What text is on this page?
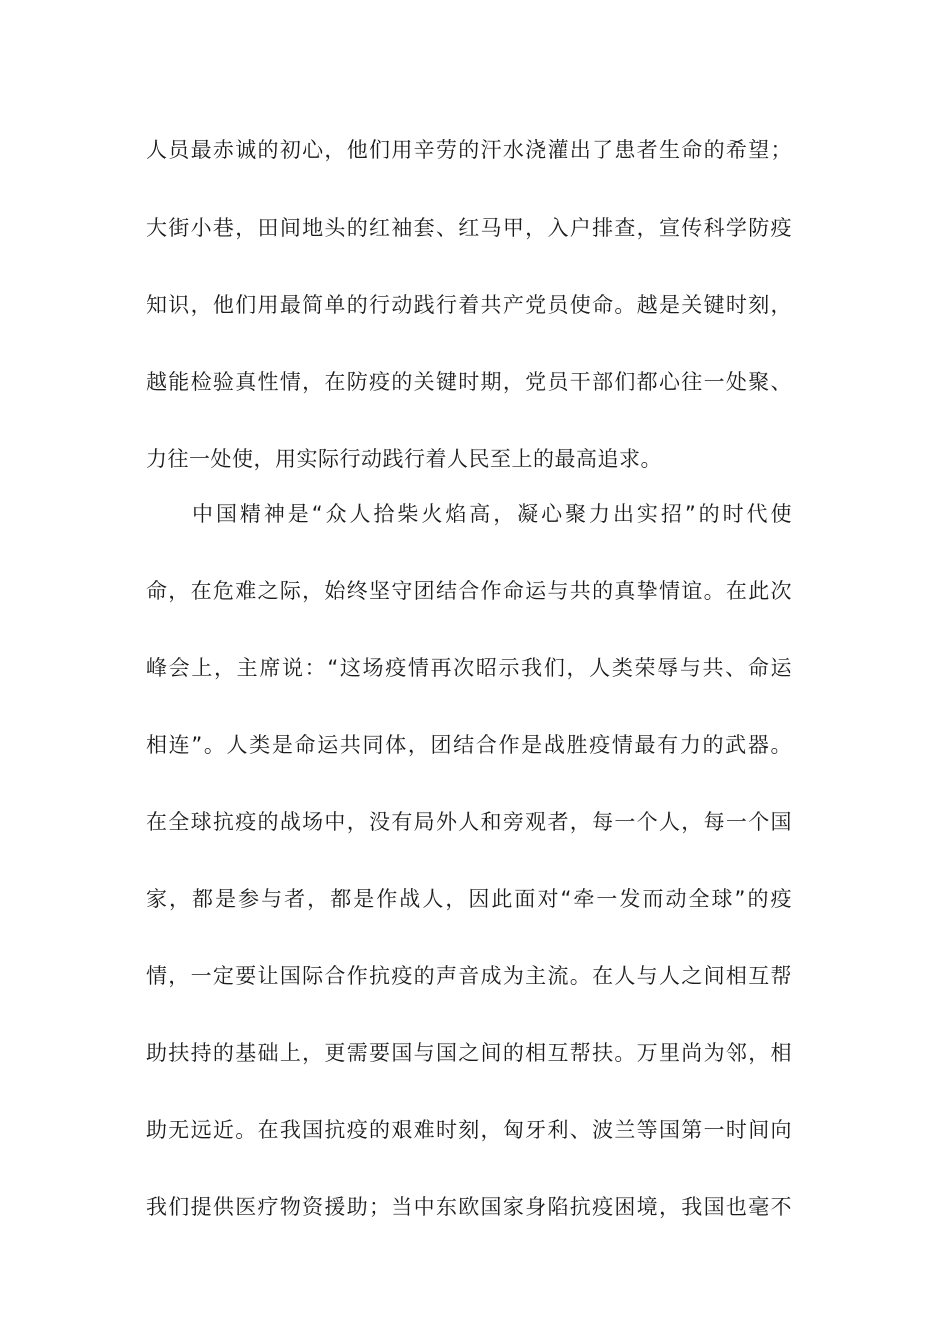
人员最赤诚的初心，他们用辛劳的汗水浇灌出了患者生命的希望；
大街小巷，田间地头的红袖套、红马甲，入户排查，宣传科学防疫
知识，他们用最简单的行动践行着共产党员使命。越是关键时刻，
越能检验真性情，在防疫的关键时期，党员干部们都心往一处聚、
力往一处使，用实际行动践行着人民至上的最高追求。
中国精神是“众人拾柴火焰高，凝心聚力出实招”的时代使
命，在危难之际，始终坚守团结合作命运与共的真挚情谊。在此次
峰会上，主席说：“这场疫情再次昭示我们，人类荣辱与共、命运
相连”。人类是命运共同体，团结合作是战胜疫情最有力的武器。
在全球抗疫的战场中，没有局外人和旁观者，每一个人，每一个国
家，都是参与者，都是作战人，因此面对“牵一发而动全球”的疫
情，一定要让国际合作抗疫的声音成为主流。在人与人之间相互帮
助扶持的基础上，更需要国与国之间的相互帮扶。万里尚为邻，相
助无远近。在我国抗疫的艰难时刻，匈牙利、波兰等国第一时间向
我们提供医疗物资援助；当中东欧国家身陷抗疫困境，我国也毫不
